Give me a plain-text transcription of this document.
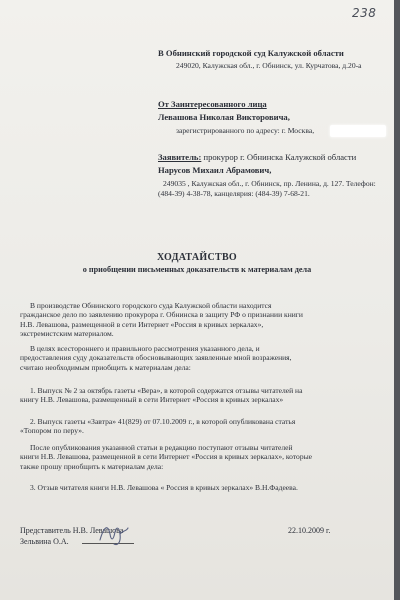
238
В Обнинский городской суд Калужской области
249020, Калужская обл., г. Обнинск, ул. Курчатова, д.20-а
От Заинтересованного лица
Левашова Николая Викторовича,
зарегистрированного по адресу: г. Москва,
Заявитель: прокурор г. Обнинска Калужской области
Нарусов Михаил Абрамович,
249035 , Калужская обл., г. Обнинск, пр. Ленина, д. 127. Телефон:
(484-39) 4-38-78, канцелярия: (484-39) 7-68-21.
ХОДАТАЙСТВО
о приобщении письменных доказательств к материалам дела
В производстве Обнинского городского суда Калужской области находится
гражданское дело по заявлению прокурора г. Обнинска в защиту РФ о признании книги
Н.В. Левашова, размещенной в сети Интернет «Россия в кривых зеркалах»,
экстремистским материалом.
В целях всестороннего и правильного рассмотрения указанного дела, и
предоставления суду доказательств обосновывающих заявленные мной возражения,
считаю необходимым приобщить к материалам дела:
1. Выпуск № 2 за октябрь газеты «Вера», в которой содержатся отзывы читателей на
книгу Н.В. Левашова, размещенный в сети Интернет «Россия в кривых зеркалах»
2. Выпуск газеты «Завтра» 41(829) от 07.10.2009 г., в которой опубликована статья
«Топором по перу».
После опубликования указанной статьи в редакцию поступают отзывы читателей
книги Н.В. Левашова, размещенной в сети Интернет «Россия в кривых зеркалах», которые
также прошу приобщить к материалам дела:
3. Отзыв читателя книги Н.В. Левашова « Россия в кривых зеркалах» В.Н.Фадеева.
Представитель Н.В. Левашова
Зельвина О.А.
22.10.2009 г.
